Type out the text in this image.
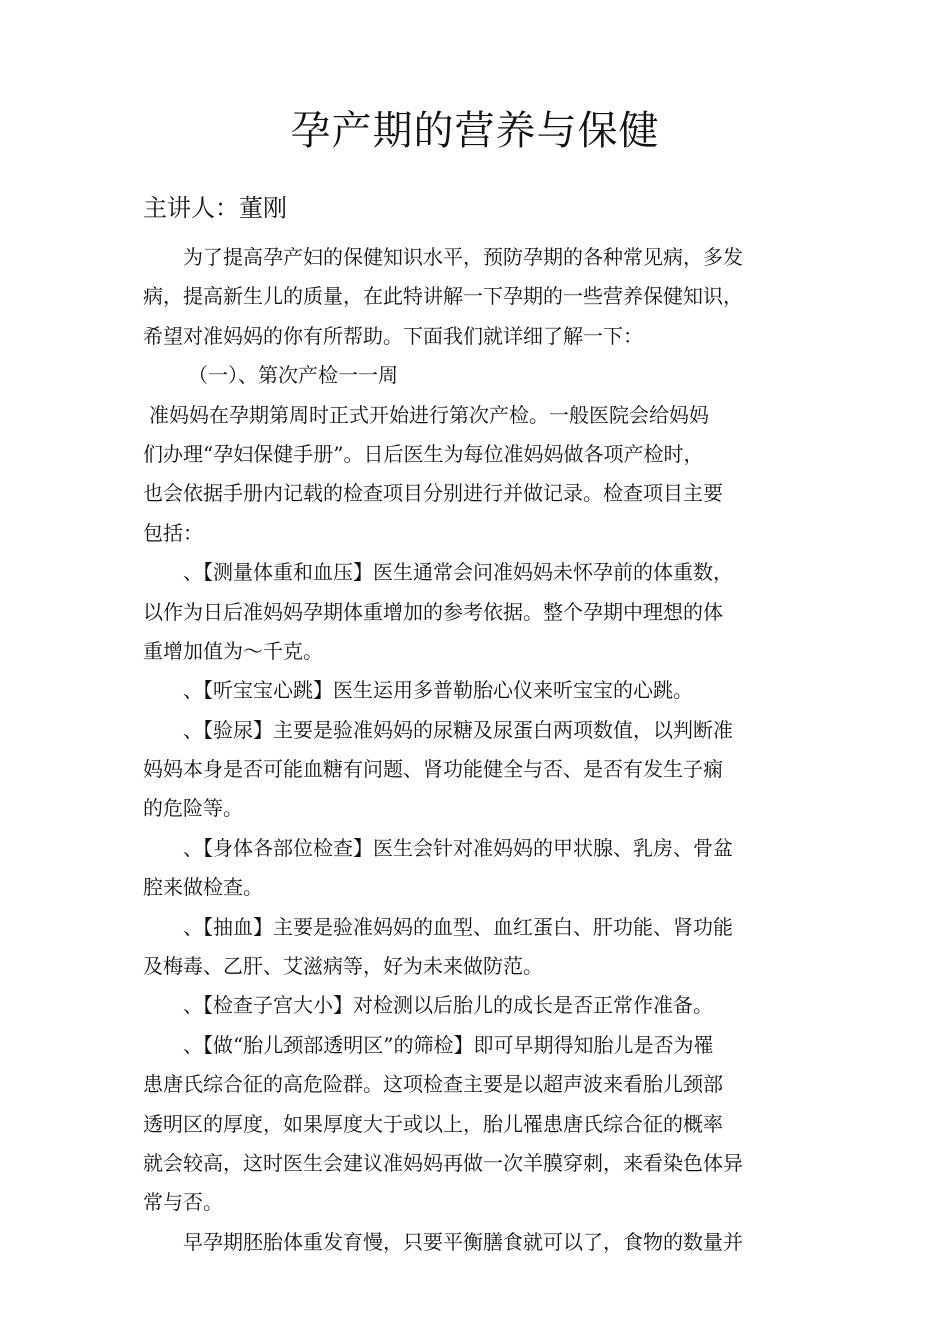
孕产期的营养与保健
主讲人：董刚
为了提高孕产妇的保健知识水平，预防孕期的各种常见病，多发
病，提高新生儿的质量，在此特讲解一下孕期的一些营养保健知识，
希望对准妈妈的你有所帮助。下面我们就详细了解一下：
（一）、第次产检一一周
准妈妈在孕期第周时正式开始进行第次产检。一般医院会给妈妈
们办理“孕妇保健手册”。日后医生为每位准妈妈做各项产检时，
也会依据手册内记载的检查项目分别进行并做记录。检查项目主要
包括：
、【测量体重和血压】医生通常会问准妈妈未怀孕前的体重数，
以作为日后准妈妈孕期体重增加的参考依据。整个孕期中理想的体
重增加值为〜千克。
、【听宝宝心跳】医生运用多普勒胎心仪来听宝宝的心跳。
、【验尿】主要是验准妈妈的尿糖及尿蛋白两项数值，以判断准
妈妈本身是否可能血糖有问题、肾功能健全与否、是否有发生子痫
的危险等。
、【身体各部位检查】医生会针对准妈妈的甲状腺、乳房、骨盆
腔来做检查。
、【抽血】主要是验准妈妈的血型、血红蛋白、肝功能、肾功能
及梅毒、乙肝、艾滋病等，好为未来做防范。
、【检查子宫大小】对检测以后胎儿的成长是否正常作准备。
、【做“胎儿颈部透明区”的筛检】即可早期得知胎儿是否为罹
患唐氏综合征的高危险群。这项检查主要是以超声波来看胎儿颈部
透明区的厚度，如果厚度大于或以上，胎儿罹患唐氏综合征的概率
就会较高，这时医生会建议准妈妈再做一次羊膜穿刺，来看染色体异
常与否。
早孕期胚胎体重发育慢，只要平衡膳食就可以了，食物的数量并
